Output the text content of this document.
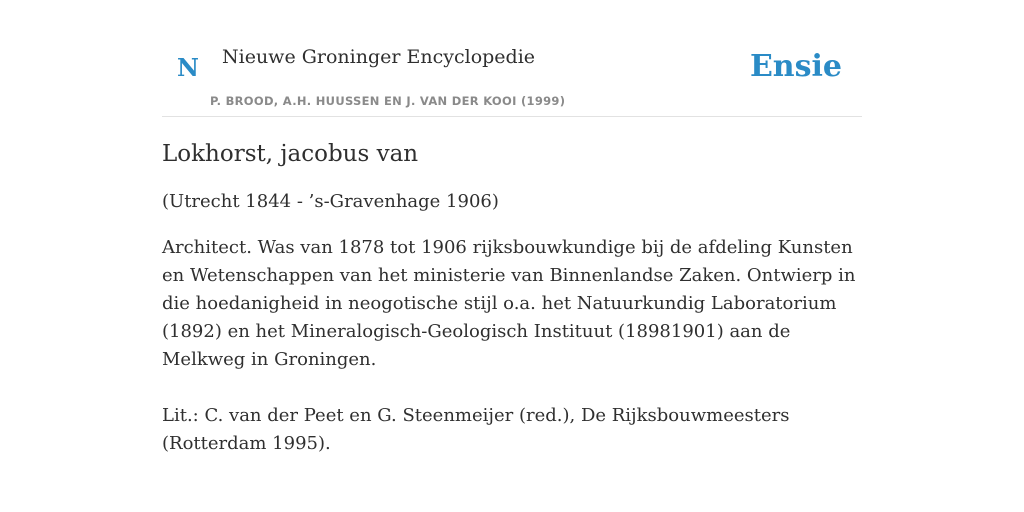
N Nieuwe Groninger Encyclopedie
P. BROOD, A.H. HUUSSEN EN J. VAN DER KOOI (1999)
Ensie
Lokhorst, jacobus van

(Utrecht 1844 - ’s-Gravenhage 1906)

Architect. Was van 1878 tot 1906 rijksbouwkundige bij de afdeling Kunsten en Wetenschappen van het ministerie van Binnenlandse Zaken. Ontwierp in die hoedanigheid in neogotische stijl o.a. het Natuurkundig Laboratorium (1892) en het Mineralogisch-Geologisch Instituut (18981901) aan de Melkweg in Groningen.

Lit.: C. van der Peet en G. Steenmeijer (red.), De Rijksbouwmeesters (Rotterdam 1995).
